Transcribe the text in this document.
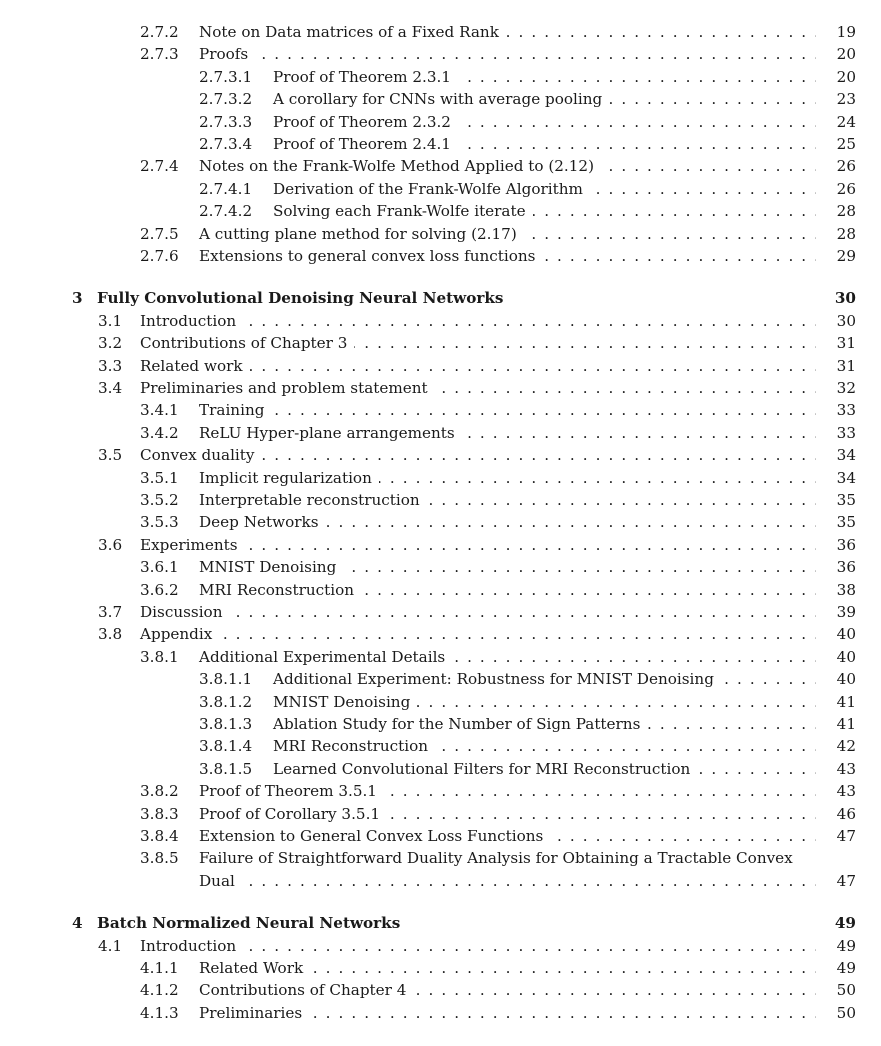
2.7.2 Note on Data matrices of a Fixed Rank . . .	19
2.7.3 Proofs . . .	20
2.7.3.1 Proof of Theorem 2.3.1 . . .	20
2.7.3.2 A corollary for CNNs with average pooling . . .	23
2.7.3.3 Proof of Theorem 2.3.2 . . .	24
2.7.3.4 Proof of Theorem 2.4.1 . . .	25
2.7.4 Notes on the Frank-Wolfe Method Applied to (2.12) . . .	26
2.7.4.1 Derivation of the Frank-Wolfe Algorithm . . .	26
2.7.4.2 Solving each Frank-Wolfe iterate . . .	28
2.7.5 A cutting plane method for solving (2.17) . . .	28
2.7.6 Extensions to general convex loss functions . . .	29
3 Fully Convolutional Denoising Neural Networks	30
3.1 Introduction . . .	30
3.2 Contributions of Chapter 3 . . .	31
3.3 Related work . . .	31
3.4 Preliminaries and problem statement . . .	32
3.4.1 Training . . .	33
3.4.2 ReLU Hyper-plane arrangements . . .	33
3.5 Convex duality . . .	34
3.5.1 Implicit regularization . . .	34
3.5.2 Interpretable reconstruction . . .	35
3.5.3 Deep Networks . . .	35
3.6 Experiments . . .	36
3.6.1 MNIST Denoising . . .	36
3.6.2 MRI Reconstruction . . .	38
3.7 Discussion . . .	39
3.8 Appendix . . .	40
3.8.1 Additional Experimental Details . . .	40
3.8.1.1 Additional Experiment: Robustness for MNIST Denoising . . .	40
3.8.1.2 MNIST Denoising . . .	41
3.8.1.3 Ablation Study for the Number of Sign Patterns . . .	41
3.8.1.4 MRI Reconstruction . . .	42
3.8.1.5 Learned Convolutional Filters for MRI Reconstruction . . .	43
3.8.2 Proof of Theorem 3.5.1 . . .	43
3.8.3 Proof of Corollary 3.5.1 . . .	46
3.8.4 Extension to General Convex Loss Functions . . .	47
3.8.5 Failure of Straightforward Duality Analysis for Obtaining a Tractable Convex
Dual . . .	47
4 Batch Normalized Neural Networks	49
4.1 Introduction . . .	49
4.1.1 Related Work . . .	49
4.1.2 Contributions of Chapter 4 . . .	50
4.1.3 Preliminaries . . .	50
